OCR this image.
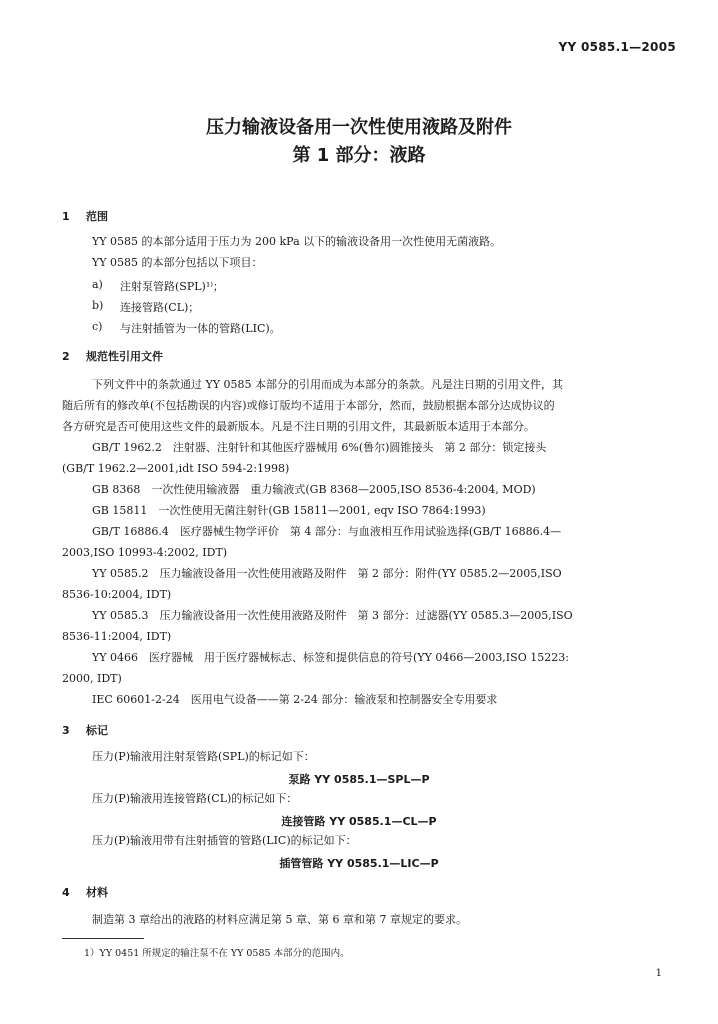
YY 0585.1—2005
压力输液设备用一次性使用液路及附件
第 1 部分：液路
1 范围
YY 0585 的本部分适用于压力为 200 kPa 以下的输液设备用一次性使用无菌液路。
YY 0585 的本部分包括以下项目：
a) 注射泵管路(SPL)¹⁾；
b) 连接管路(CL)；
c) 与注射插管为一体的管路(LIC)。
2 规范性引用文件
下列文件中的条款通过 YY 0585 本部分的引用而成为本部分的条款。凡是注日期的引用文件，其
随后所有的修改单(不包括勘误的内容)或修订版均不适用于本部分，然而，鼓励根据本部分达成协议的
各方研究是否可使用这些文件的最新版本。凡是不注日期的引用文件，其最新版本适用于本部分。
GB/T 1962.2　注射器、注射针和其他医疗器械用 6%(鲁尔)圆锥接头　第 2 部分：锁定接头
(GB/T 1962.2—2001,idt ISO 594-2:1998)
GB 8368　一次性使用输液器　重力输液式(GB 8368—2005,ISO 8536-4:2004, MOD)
GB 15811　一次性使用无菌注射针(GB 15811—2001, eqv ISO 7864:1993)
GB/T 16886.4　医疗器械生物学评价　第 4 部分：与血液相互作用试验选择(GB/T 16886.4—
2003,ISO 10993-4:2002, IDT)
YY 0585.2　压力输液设备用一次性使用液路及附件　第 2 部分：附件(YY 0585.2—2005,ISO
8536-10:2004, IDT)
YY 0585.3　压力输液设备用一次性使用液路及附件　第 3 部分：过滤器(YY 0585.3—2005,ISO
8536-11:2004, IDT)
YY 0466　医疗器械　用于医疗器械标志、标签和提供信息的符号(YY 0466—2003,ISO 15223:
2000, IDT)
IEC 60601-2-24　医用电气设备——第 2-24 部分：输液泵和控制器安全专用要求
3 标记
压力(P)输液用注射泵管路(SPL)的标记如下：
泵路 YY 0585.1—SPL—P
压力(P)输液用连接管路(CL)的标记如下：
连接管路 YY 0585.1—CL—P
压力(P)输液用带有注射插管的管路(LIC)的标记如下：
插管管路 YY 0585.1—LIC—P
4 材料
制造第 3 章给出的液路的材料应满足第 5 章、第 6 章和第 7 章规定的要求。
1）YY 0451 所规定的输注泵不在 YY 0585 本部分的范围内。
1
